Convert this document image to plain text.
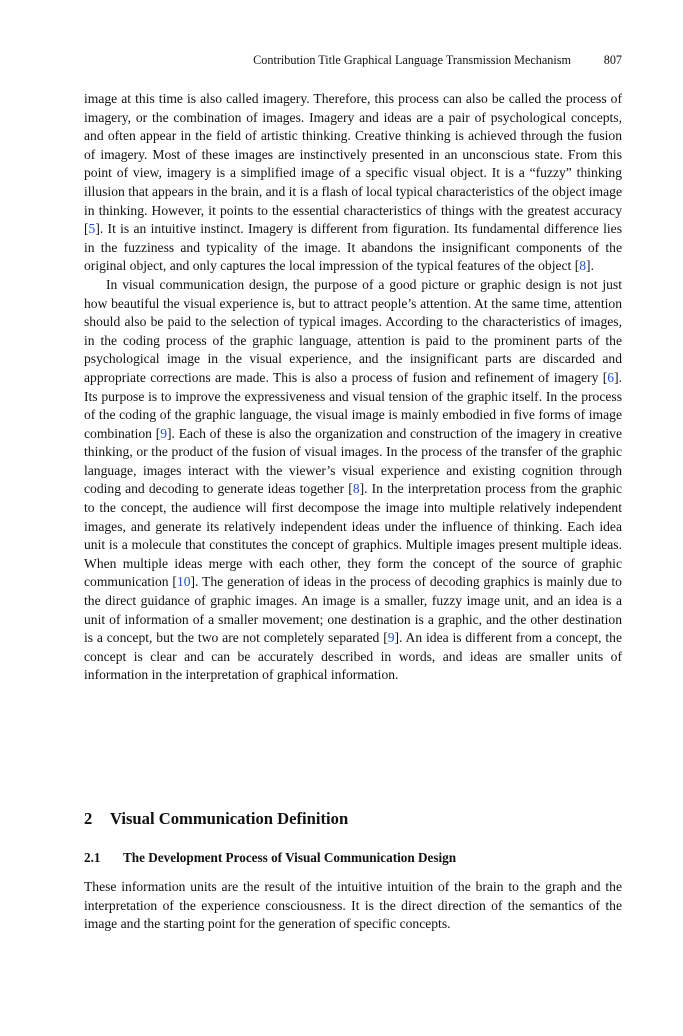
Contribution Title Graphical Language Transmission Mechanism	807

image at this time is also called imagery. Therefore, this process can also be called the process of imagery, or the combination of images. Imagery and ideas are a pair of psychological concepts, and often appear in the field of artistic thinking. Creative thinking is achieved through the fusion of imagery. Most of these images are instinctively presented in an unconscious state. From this point of view, imagery is a simplified image of a specific visual object. It is a “fuzzy” thinking illusion that appears in the brain, and it is a flash of local typical characteristics of the object image in thinking. However, it points to the essential characteristics of things with the greatest accuracy [5]. It is an intuitive instinct. Imagery is different from figuration. Its fundamental difference lies in the fuzziness and typicality of the image. It abandons the insignificant components of the original object, and only captures the local impression of the typical features of the object [8].

In visual communication design, the purpose of a good picture or graphic design is not just how beautiful the visual experience is, but to attract people’s attention. At the same time, attention should also be paid to the selection of typical images. According to the characteristics of images, in the coding process of the graphic language, attention is paid to the prominent parts of the psychological image in the visual experience, and the insignificant parts are discarded and appropriate corrections are made. This is also a process of fusion and refinement of imagery [6]. Its purpose is to improve the expressiveness and visual tension of the graphic itself. In the process of the coding of the graphic language, the visual image is mainly embodied in five forms of image combination [9]. Each of these is also the organization and construction of the imagery in creative thinking, or the product of the fusion of visual images. In the process of the transfer of the graphic language, images interact with the viewer’s visual experience and existing cognition through coding and decoding to generate ideas together [8]. In the interpretation process from the graphic to the concept, the audience will first decompose the image into multiple relatively independent images, and generate its relatively independent ideas under the influence of thinking. Each idea unit is a molecule that constitutes the concept of graphics. Multiple images present multiple ideas. When multiple ideas merge with each other, they form the concept of the source of graphic communication [10]. The generation of ideas in the process of decoding graphics is mainly due to the direct guidance of graphic images. An image is a smaller, fuzzy image unit, and an idea is a unit of information of a smaller movement; one destination is a graphic, and the other destination is a concept, but the two are not completely separated [9]. An idea is different from a concept, the concept is clear and can be accurately described in words, and ideas are smaller units of information in the interpretation of graphical information.

2 Visual Communication Definition
2.1 The Development Process of Visual Communication Design

These information units are the result of the intuitive intuition of the brain to the graph and the interpretation of the experience consciousness. It is the direct direction of the semantics of the image and the starting point for the generation of specific concepts.
